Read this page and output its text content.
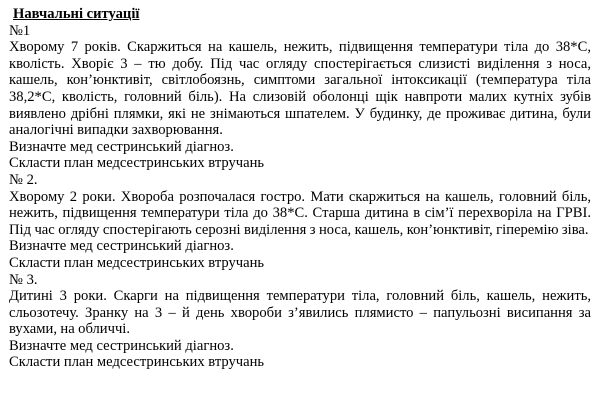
Навчальні ситуації
№1
Хворому 7 років. Скаржиться на кашель, нежить, підвищення температури тіла до 38*С, кволість. Хворіє 3 – тю добу. Під час огляду спостерігається слизисті виділення з носа, кашель, кон’юнктивіт, світлобоязнь, симптоми загальної інтоксикації (температура тіла 38,2*С, кволість, головний біль). На слизовій оболонці щік навпроти малих кутніх зубів виявлено дрібні плямки, які не знімаються шпателем. У будинку, де проживає дитина, були аналогічні випадки захворювання.
Визначте мед сестринський діагноз.
Скласти план медсестринських втручань
№ 2.
Хворому 2 роки. Хвороба розпочалася гостро. Мати скаржиться на кашель, головний біль, нежить, підвищення температури тіла до 38*С. Старша дитина в сім’ї перехворіла на ГРВІ. Під час огляду спостерігають серозні виділення з носа, кашель, кон’юнктивіт, гіперемію зіва.
Визначте мед сестринський діагноз.
Скласти план медсестринських втручань
№ 3.
Дитині 3 роки. Скарги на підвищення температури тіла, головний біль, кашель, нежить, сльозотечу. Зранку на 3 – й день хвороби з’явились плямисто – папульозні висипання за вухами, на обличчі.
Визначте мед сестринський діагноз.
Скласти план медсестринських втручань
